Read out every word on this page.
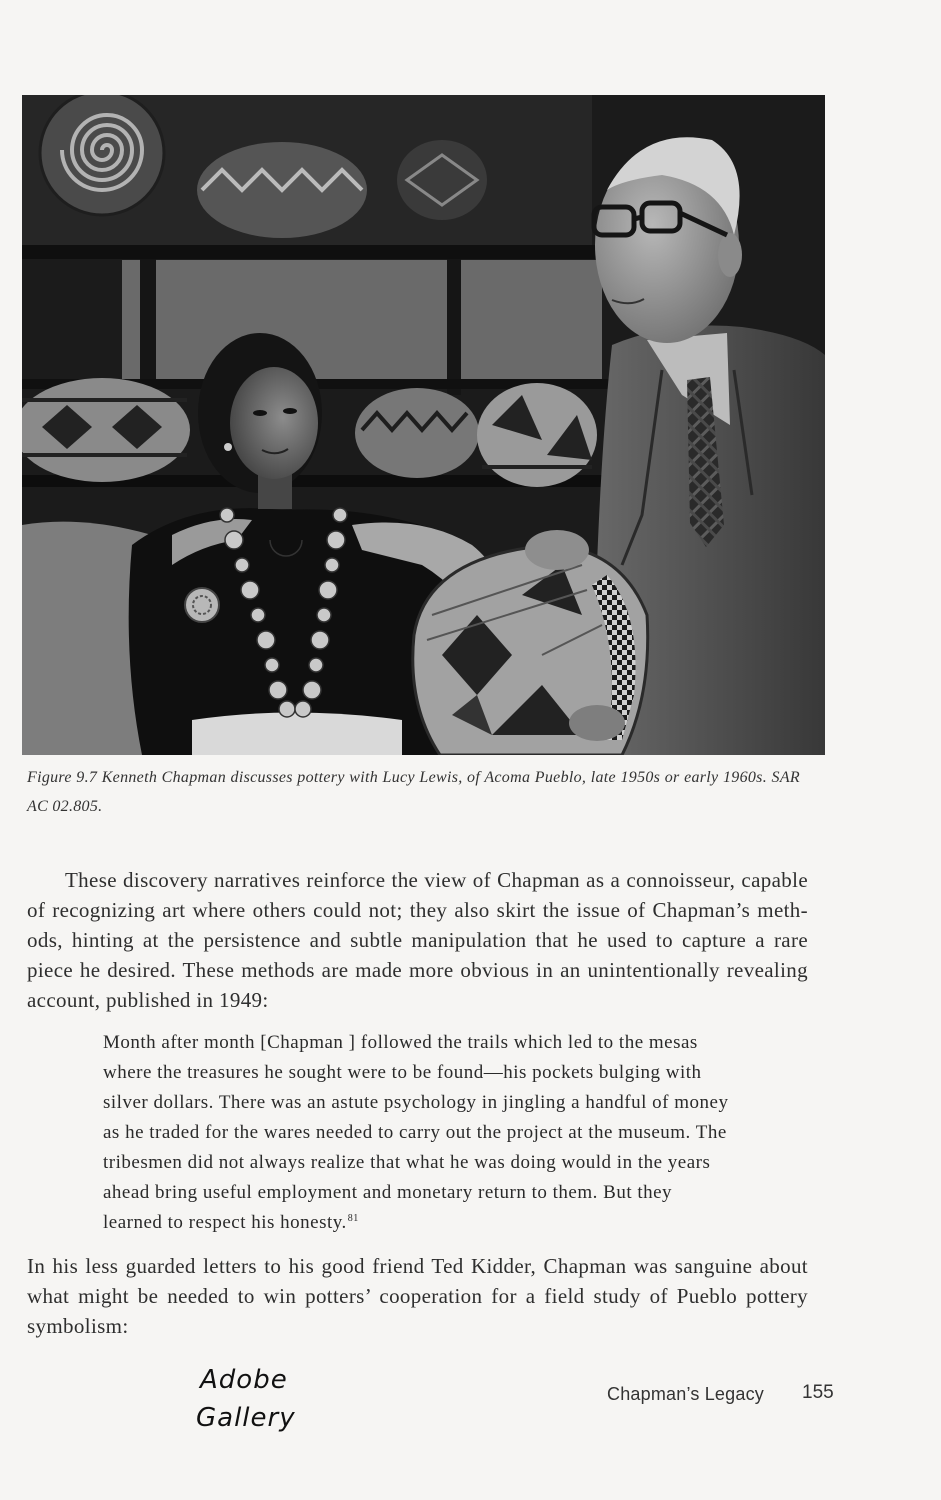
Figure 9.7 Kenneth Chapman discusses pottery with Lucy Lewis, of Acoma Pueblo, late 1950s or early 1960s. SAR
AC 02.805.
These discovery narratives reinforce the view of Chapman as a connoisseur, capable
of recognizing art where others could not; they also skirt the issue of Chapman’s meth-
ods, hinting at the persistence and subtle manipulation that he used to capture a rare
piece he desired. These methods are made more obvious in an unintentionally revealing
account, published in 1949:
Month after month [Chapman ] followed the trails which led to the mesas
where the treasures he sought were to be found—his pockets bulging with
silver dollars. There was an astute psychology in jingling a handful of money
as he traded for the wares needed to carry out the project at the museum. The
tribesmen did not always realize that what he was doing would in the years
ahead bring useful employment and monetary return to them. But they
learned to respect his honesty.$^{81}$
In his less guarded letters to his good friend Ted Kidder, Chapman was sanguine about
what might be needed to win potters’ cooperation for a field study of Pueblo pottery
symbolism:
Adobe
Gallery
Chapman’s Legacy 155
